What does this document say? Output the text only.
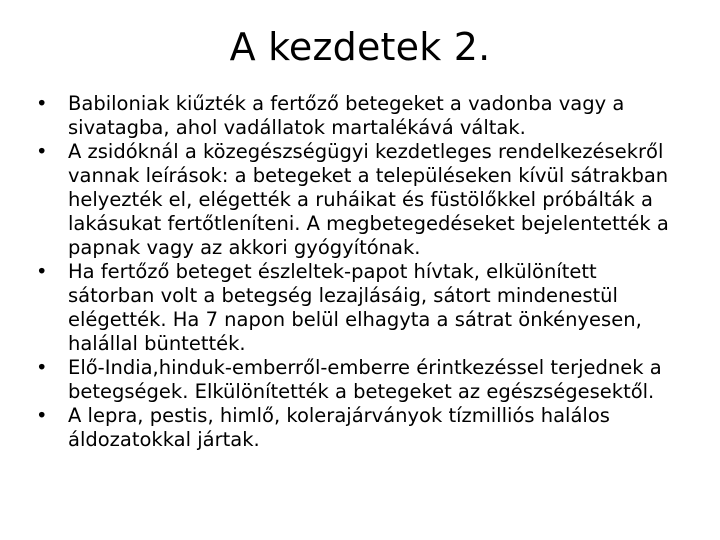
A kezdetek 2.
•	Babiloniak kiűzték a fertőző betegeket a vadonba vagy a sivatagba, ahol vadállatok martalékává váltak.
•	A zsidóknál a közegészségügyi kezdetleges rendelkezésekről vannak leírások: a betegeket a településeken kívül sátrakban helyezték el, elégették a ruháikat és füstölőkkel próbálták a lakásukat fertőtleníteni. A megbetegedéseket bejelentették a papnak vagy az akkori gyógyítónak.
•	Ha fertőző beteget észleltek-papot hívtak, elkülönített sátorban volt a betegség lezajlásáig, sátort mindenestül elégették. Ha 7 napon belül elhagyta a sátrat önkényesen, halállal büntették.
•	Elő-India,hinduk-emberről-emberre érintkezéssel terjednek a betegségek. Elkülönítették a betegeket az egészségesektől.
•	A lepra, pestis, himlő, kolerajárványok tízmilliós halálos áldozatokkal jártak.
